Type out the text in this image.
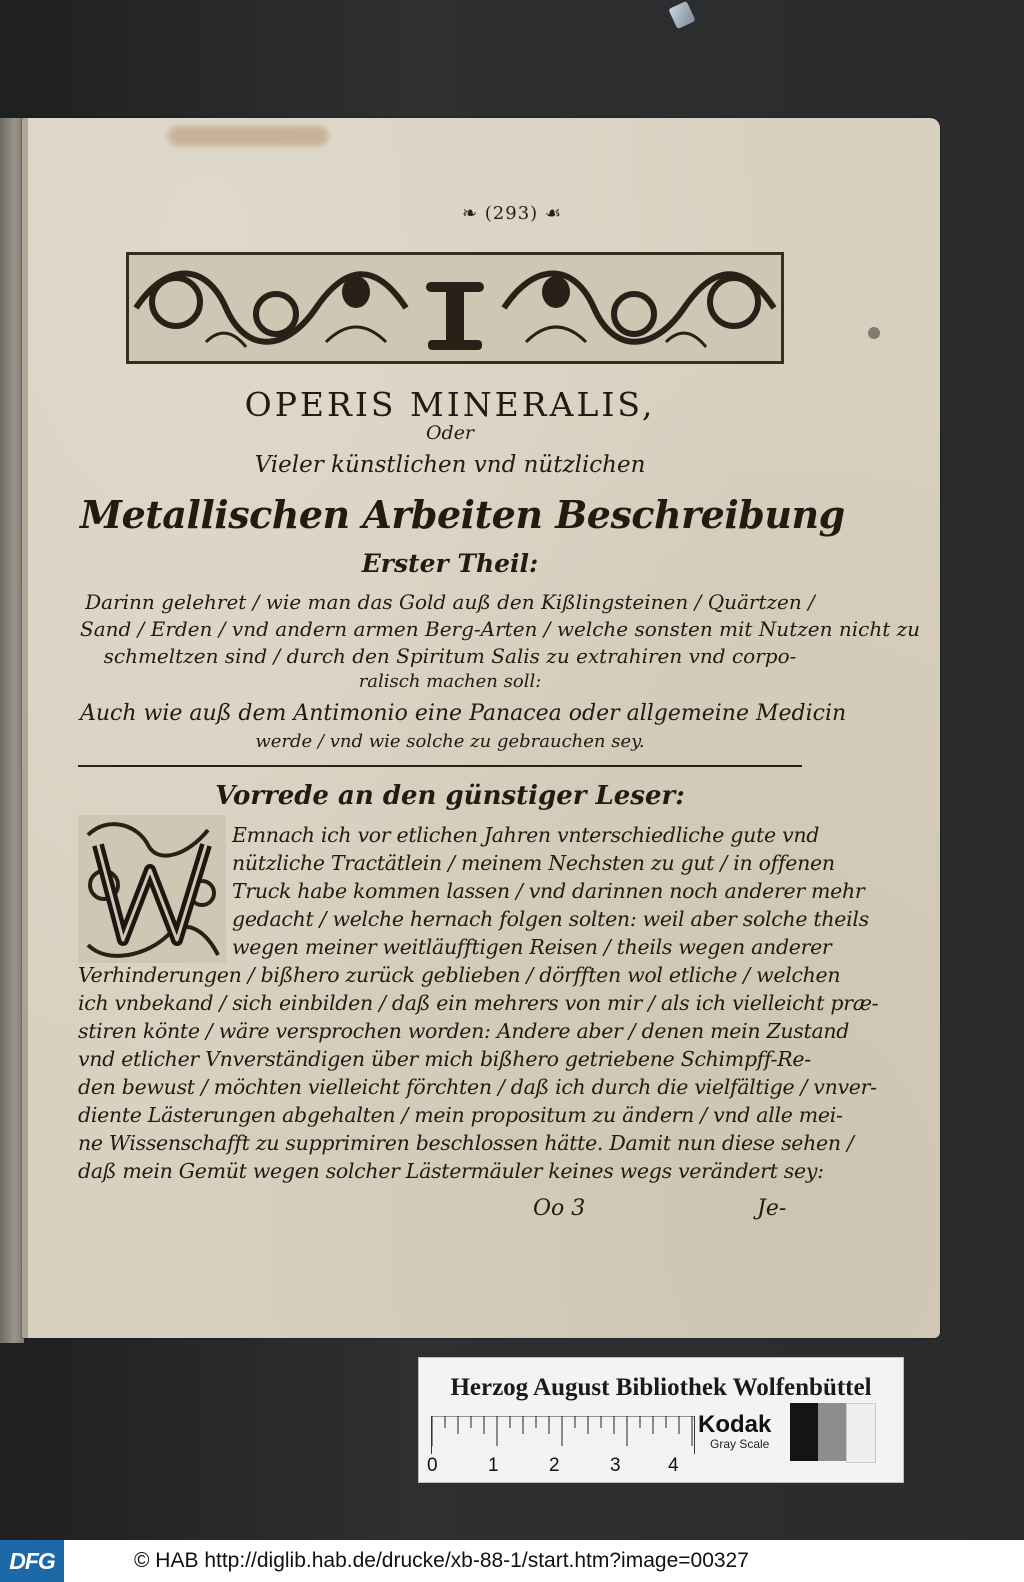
❧ (293) ☙
OPERIS MINERALIS,
Oder
Vieler künstlichen vnd nützlichen
Metallischen Arbeiten Beschreibung
Erster Theil:
Darinn gelehret / wie man das Gold auß den Kißlingsteinen / Quärtzen /
Sand / Erden / vnd andern armen Berg-Arten / welche sonsten mit Nutzen nicht zu
schmeltzen sind / durch den Spiritum Salis zu extrahiren vnd corpo-
ralisch machen soll:
Auch wie auß dem Antimonio eine Panacea oder allgemeine Medicin
werde / vnd wie solche zu gebrauchen sey.
Vorrede an den günstiger Leser:
Emnach ich vor etlichen Jahren vnterschiedliche gute vnd
nützliche Tractätlein / meinem Nechsten zu gut / in offenen
Truck habe kommen lassen / vnd darinnen noch anderer mehr
gedacht / welche hernach folgen solten: weil aber solche theils
wegen meiner weitläufftigen Reisen / theils wegen anderer
Verhinderungen / bißhero zurück geblieben / dörfften wol etliche / welchen
ich vnbekand / sich einbilden / daß ein mehrers von mir / als ich vielleicht præ-
stiren könte / wäre versprochen worden: Andere aber / denen mein Zustand
vnd etlicher Vnverständigen über mich bißhero getriebene Schimpff-Re-
den bewust / möchten vielleicht förchten / daß ich durch die vielfältige / vnver-
diente Lästerungen abgehalten / mein propositum zu ändern / vnd alle mei-
ne Wissenschafft zu supprimiren beschlossen hätte. Damit nun diese sehen /
daß mein Gemüt wegen solcher Lästermäuler keines wegs verändert sey:
Oo 3	Je-
Herzog August Bibliothek Wolfenbüttel
0	1	2	3 4
Kodak
Gray Scale
DFG	© HAB http://diglib.hab.de/drucke/xb-88-1/start.htm?image=00327
